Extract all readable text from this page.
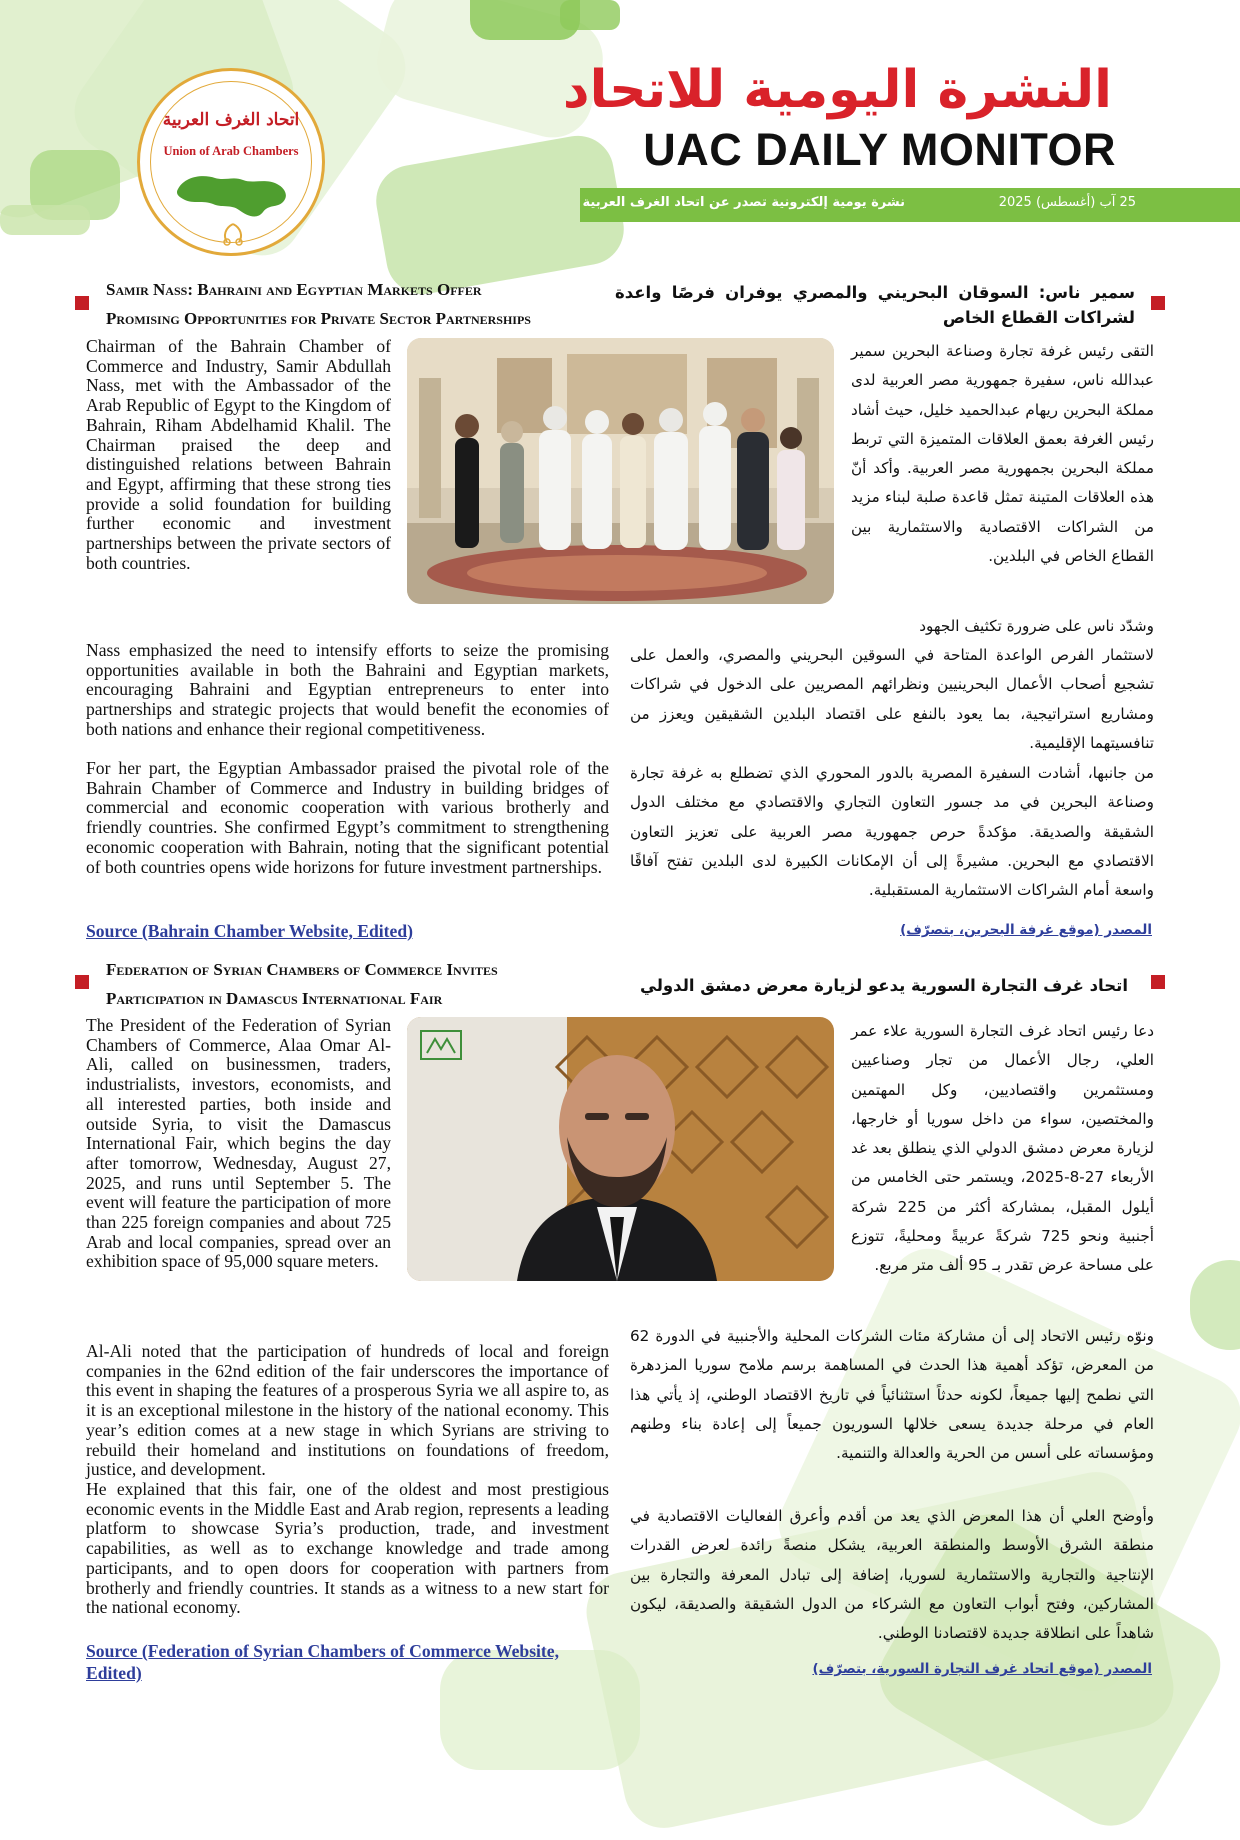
اتحاد الغرف العربية
Union of Arab Chambers
النشرة اليومية للاتحاد
UAC DAILY MONITOR
25 آب (أغسطس) 2025
نشرة يومية إلكترونية تصدر عن اتحاد الغرف العربية
Samir Nass: Bahraini and Egyptian Markets Offer
Promising Opportunities for Private Sector Partnerships
سمير ناس: السوقان البحريني والمصري يوفران فرصًا واعدة لشراكات القطاع الخاص
Chairman of the Bahrain Chamber of Commerce and Industry, Samir Abdullah Nass, met with the Ambassador of the Arab Republic of Egypt to the Kingdom of Bahrain, Riham Abdelhamid Khalil. The Chairman praised the deep and distinguished relations between Bahrain and Egypt, affirming that these strong ties provide a solid foundation for building further economic and investment partnerships between the private sectors of both countries.
Nass emphasized the need to intensify efforts to seize the promising opportunities available in both the Bahraini and Egyptian markets, encouraging Bahraini and Egyptian entrepreneurs to enter into partnerships and strategic projects that would benefit the economies of both nations and enhance their regional competitiveness.
For her part, the Egyptian Ambassador praised the pivotal role of the Bahrain Chamber of Commerce and Industry in building bridges of commercial and economic cooperation with various brotherly and friendly countries. She confirmed Egypt’s commitment to strengthening economic cooperation with Bahrain, noting that the significant potential of both countries opens wide horizons for future investment partnerships.
Source (Bahrain Chamber Website, Edited)
التقى رئيس غرفة تجارة وصناعة البحرين سمير عبدالله ناس، سفيرة جمهورية مصر العربية لدى مملكة البحرين ريهام عبدالحميد خليل، حيث أشاد رئيس الغرفة بعمق العلاقات المتميزة التي تربط مملكة البحرين بجمهورية مصر العربية. وأكد أنّ هذه العلاقات المتينة تمثل قاعدة صلبة لبناء مزيد من الشراكات الاقتصادية والاستثمارية بين القطاع الخاص في البلدين.
وشدّد ناس على ضرورة تكثيف الجهود
لاستثمار الفرص الواعدة المتاحة في السوقين البحريني والمصري، والعمل على تشجيع أصحاب الأعمال البحرينيين ونظرائهم المصريين على الدخول في شراكات ومشاريع استراتيجية، بما يعود بالنفع على اقتصاد البلدين الشقيقين ويعزز من تنافسيتهما الإقليمية.
من جانبها، أشادت السفيرة المصرية بالدور المحوري الذي تضطلع به غرفة تجارة وصناعة البحرين في مد جسور التعاون التجاري والاقتصادي مع مختلف الدول الشقيقة والصديقة. مؤكدةً حرص جمهورية مصر العربية على تعزيز التعاون الاقتصادي مع البحرين. مشيرةً إلى أن الإمكانات الكبيرة لدى البلدين تفتح آفاقًا واسعة أمام الشراكات الاستثمارية المستقبلية.
المصدر (موقع غرفة البحرين، بتصرّف)
Federation of Syrian Chambers of Commerce Invites
Participation in Damascus International Fair
اتحاد غرف التجارة السورية يدعو لزيارة معرض دمشق الدولي
The President of the Federation of Syrian Chambers of Commerce, Alaa Omar Al-Ali, called on businessmen, traders, industrialists, investors, economists, and all interested parties, both inside and outside Syria, to visit the Damascus International Fair, which begins the day after tomorrow, Wednesday, August 27, 2025, and runs until September 5. The event will feature the participation of more than 225 foreign companies and about 725 Arab and local companies, spread over an exhibition space of 95,000 square meters.
Al-Ali noted that the participation of hundreds of local and foreign companies in the 62nd edition of the fair underscores the importance of this event in shaping the features of a prosperous Syria we all aspire to, as it is an exceptional milestone in the history of the national economy. This year’s edition comes at a new stage in which Syrians are striving to rebuild their homeland and institutions on foundations of freedom, justice, and development.
He explained that this fair, one of the oldest and most prestigious economic events in the Middle East and Arab region, represents a leading platform to showcase Syria’s production, trade, and investment capabilities, as well as to exchange knowledge and trade among participants, and to open doors for cooperation with partners from brotherly and friendly countries. It stands as a witness to a new start for the national economy.
Source (Federation of Syrian Chambers of Commerce Website, Edited)
دعا رئيس اتحاد غرف التجارة السورية علاء عمر العلي، رجال الأعمال من تجار وصناعيين ومستثمرين واقتصاديين، وكل المهتمين والمختصين، سواء من داخل سوريا أو خارجها، لزيارة معرض دمشق الدولي الذي ينطلق بعد غد الأربعاء 27-8-2025، ويستمر حتى الخامس من أيلول المقبل، بمشاركة أكثر من 225 شركة أجنبية ونحو 725 شركةً عربيةً ومحليةً، تتوزع على مساحة عرض تقدر بـ 95 ألف متر مربع.
ونوّه رئيس الاتحاد إلى أن مشاركة مئات الشركات المحلية والأجنبية في الدورة 62 من المعرض، تؤكد أهمية هذا الحدث في المساهمة برسم ملامح سوريا المزدهرة التي نطمح إليها جميعاً، لكونه حدثاً استثنائياً في تاريخ الاقتصاد الوطني، إذ يأتي هذا العام في مرحلة جديدة يسعى خلالها السوريون جميعاً إلى إعادة بناء وطنهم ومؤسساته على أسس من الحرية والعدالة والتنمية.
وأوضح العلي أن هذا المعرض الذي يعد من أقدم وأعرق الفعاليات الاقتصادية في منطقة الشرق الأوسط والمنطقة العربية، يشكل منصةً رائدة لعرض القدرات الإنتاجية والتجارية والاستثمارية لسوريا، إضافة إلى تبادل المعرفة والتجارة بين المشاركين، وفتح أبواب التعاون مع الشركاء من الدول الشقيقة والصديقة، ليكون شاهداً على انطلاقة جديدة لاقتصادنا الوطني.
المصدر (موقع اتحاد غرف التجارة السورية، بتصرّف)
